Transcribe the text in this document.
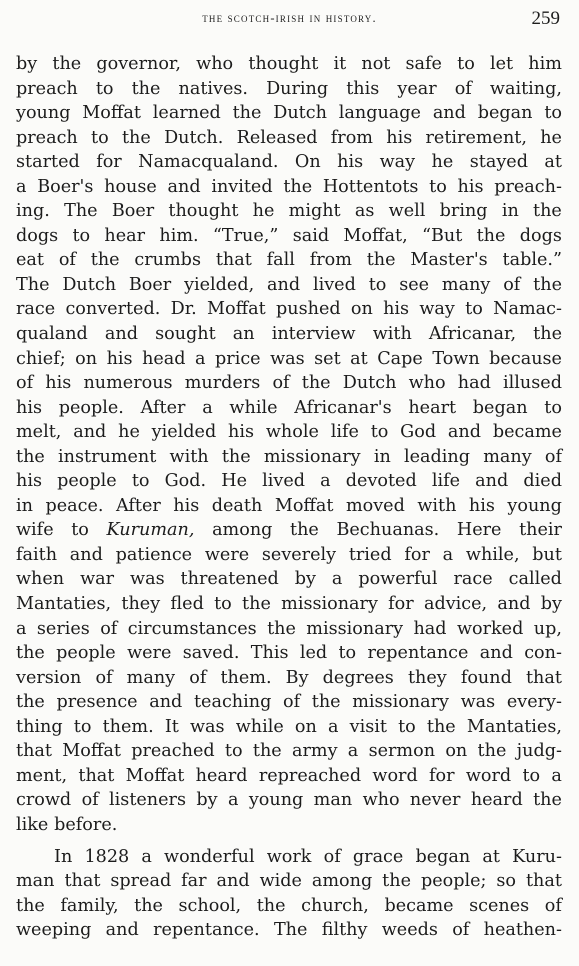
the scotch-irish in history.	259

by the governor, who thought it not safe to let him
preach to the natives. During this year of waiting,
young Moffat learned the Dutch language and began to
preach to the Dutch. Released from his retirement, he
started for Namacqualand. On his way he stayed at
a Boer's house and invited the Hottentots to his preach-
ing. The Boer thought he might as well bring in the
dogs to hear him. “True,” said Moffat, “But the dogs
eat of the crumbs that fall from the Master's table.”
The Dutch Boer yielded, and lived to see many of the
race converted. Dr. Moffat pushed on his way to Namac-
qualand and sought an interview with Africanar, the
chief; on his head a price was set at Cape Town because
of his numerous murders of the Dutch who had illused
his people. After a while Africanar's heart began to
melt, and he yielded his whole life to God and became
the instrument with the missionary in leading many of
his people to God. He lived a devoted life and died
in peace. After his death Moffat moved with his young
wife to Kuruman, among the Bechuanas. Here their
faith and patience were severely tried for a while, but
when war was threatened by a powerful race called
Mantaties, they fled to the missionary for advice, and by
a series of circumstances the missionary had worked up,
the people were saved. This led to repentance and con-
version of many of them. By degrees they found that
the presence and teaching of the missionary was every-
thing to them. It was while on a visit to the Mantaties,
that Moffat preached to the army a sermon on the judg-
ment, that Moffat heard repreached word for word to a
crowd of listeners by a young man who never heard the
like before.

In 1828 a wonderful work of grace began at Kuru-
man that spread far and wide among the people; so that
the family, the school, the church, became scenes of
weeping and repentance. The filthy weeds of heathen-
